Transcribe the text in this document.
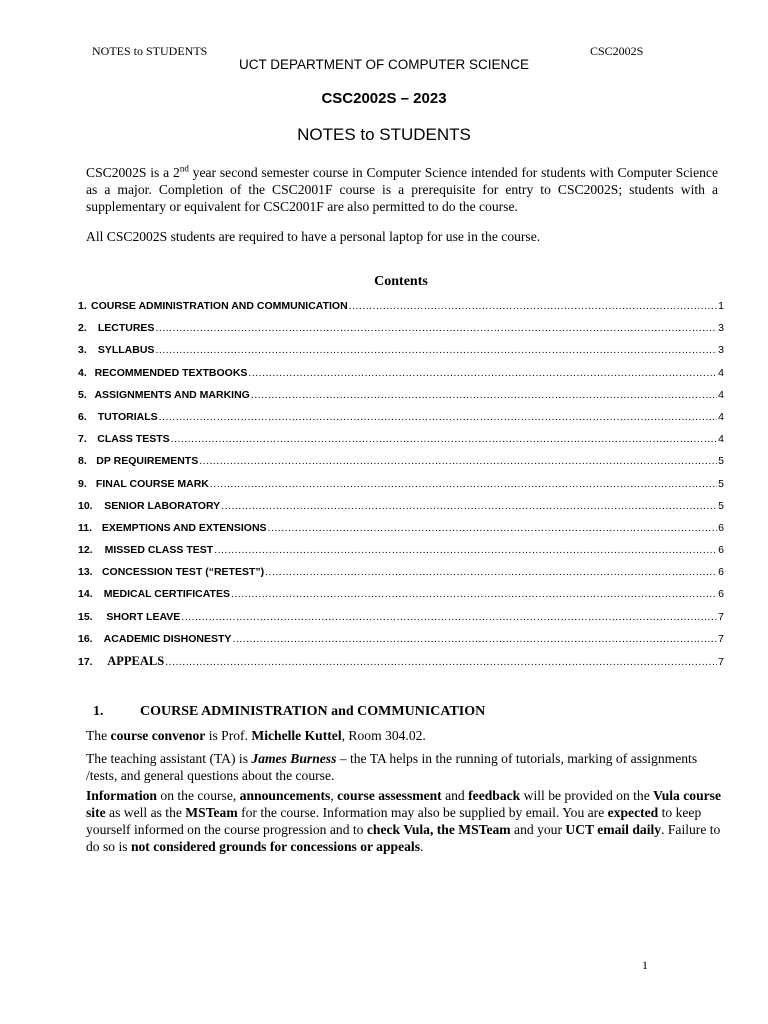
NOTES to STUDENTS	CSC2002S
UCT DEPARTMENT OF COMPUTER SCIENCE
CSC2002S – 2023
NOTES to STUDENTS

CSC2002S is a 2nd year second semester course in Computer Science intended for students with Computer Science as a major. Completion of the CSC2001F course is a prerequisite for entry to CSC2002S; students with a supplementary or equivalent for CSC2001F are also permitted to do the course.

All CSC2002S students are required to have a personal laptop for use in the course.

Contents
1. COURSE ADMINISTRATION AND COMMUNICATION .....	1
2.	LECTURES .....	3
3.	SYLLABUS .....	3
4. RECOMMENDED TEXTBOOKS .....	4
5. ASSIGNMENTS AND MARKING .....	4
6.	TUTORIALS .....	4
7.	CLASS TESTS .....	4
8. DP REQUIREMENTS .....	5
9. FINAL COURSE MARK .....	5
10.	SENIOR LABORATORY .....	5
11. EXEMPTIONS AND EXTENSIONS .....	6
12.	MISSED CLASS TEST .....	6
13. CONCESSION TEST (“RETEST”) .....	6
14.	MEDICAL CERTIFICATES .....	6
15.	SHORT LEAVE .....	7
16.	ACADEMIC DISHONESTY .....	7
17.	APPEALS .....	7
1.	COURSE ADMINISTRATION and COMMUNICATION

The course convenor is Prof. Michelle Kuttel, Room 304.02.

The teaching assistant (TA) is James Burness – the TA helps in the running of tutorials, marking of assignments /tests, and general questions about the course.

Information on the course, announcements, course assessment and feedback will be provided on the Vula course site as well as the MSTeam for the course. Information may also be supplied by email. You are expected to keep yourself informed on the course progression and to check Vula, the MSTeam and your UCT email daily. Failure to do so is not considered grounds for concessions or appeals.

1
